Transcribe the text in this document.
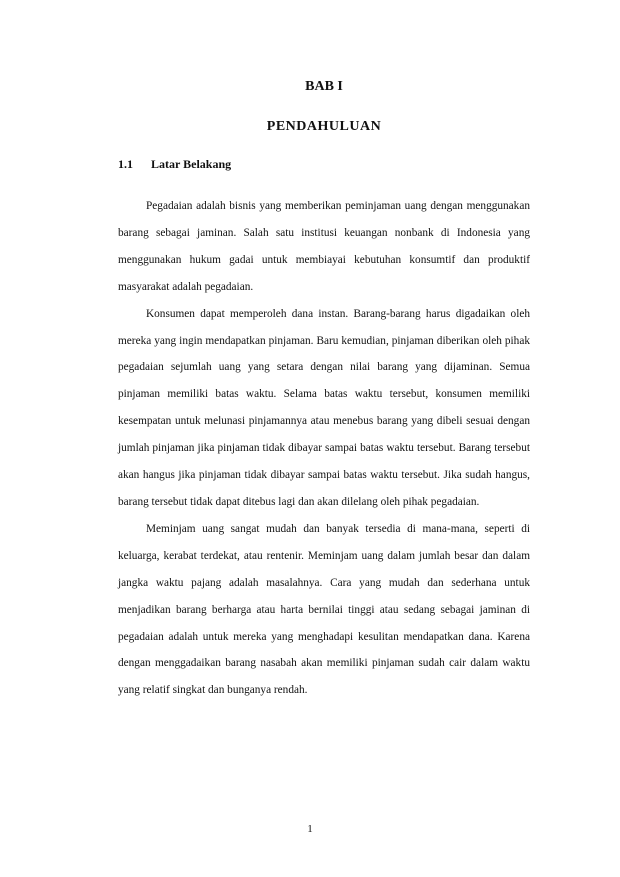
BAB I
PENDAHULUAN
1.1 Latar Belakang

Pegadaian adalah bisnis yang memberikan peminjaman uang dengan menggunakan barang sebagai jaminan. Salah satu institusi keuangan nonbank di Indonesia yang menggunakan hukum gadai untuk membiayai kebutuhan konsumtif dan produktif masyarakat adalah pegadaian.

Konsumen dapat memperoleh dana instan. Barang-barang harus digadaikan oleh mereka yang ingin mendapatkan pinjaman. Baru kemudian, pinjaman diberikan oleh pihak pegadaian sejumlah uang yang setara dengan nilai barang yang dijaminan. Semua pinjaman memiliki batas waktu. Selama batas waktu tersebut, konsumen memiliki kesempatan untuk melunasi pinjamannya atau menebus barang yang dibeli sesuai dengan jumlah pinjaman jika pinjaman tidak dibayar sampai batas waktu tersebut. Barang tersebut akan hangus jika pinjaman tidak dibayar sampai batas waktu tersebut. Jika sudah hangus, barang tersebut tidak dapat ditebus lagi dan akan dilelang oleh pihak pegadaian.

Meminjam uang sangat mudah dan banyak tersedia di mana-mana, seperti di keluarga, kerabat terdekat, atau rentenir. Meminjam uang dalam jumlah besar dan dalam jangka waktu pajang adalah masalahnya. Cara yang mudah dan sederhana untuk menjadikan barang berharga atau harta bernilai tinggi atau sedang sebagai jaminan di pegadaian adalah untuk mereka yang menghadapi kesulitan mendapatkan dana. Karena dengan menggadaikan barang nasabah akan memiliki pinjaman sudah cair dalam waktu yang relatif singkat dan bunganya rendah.

1
